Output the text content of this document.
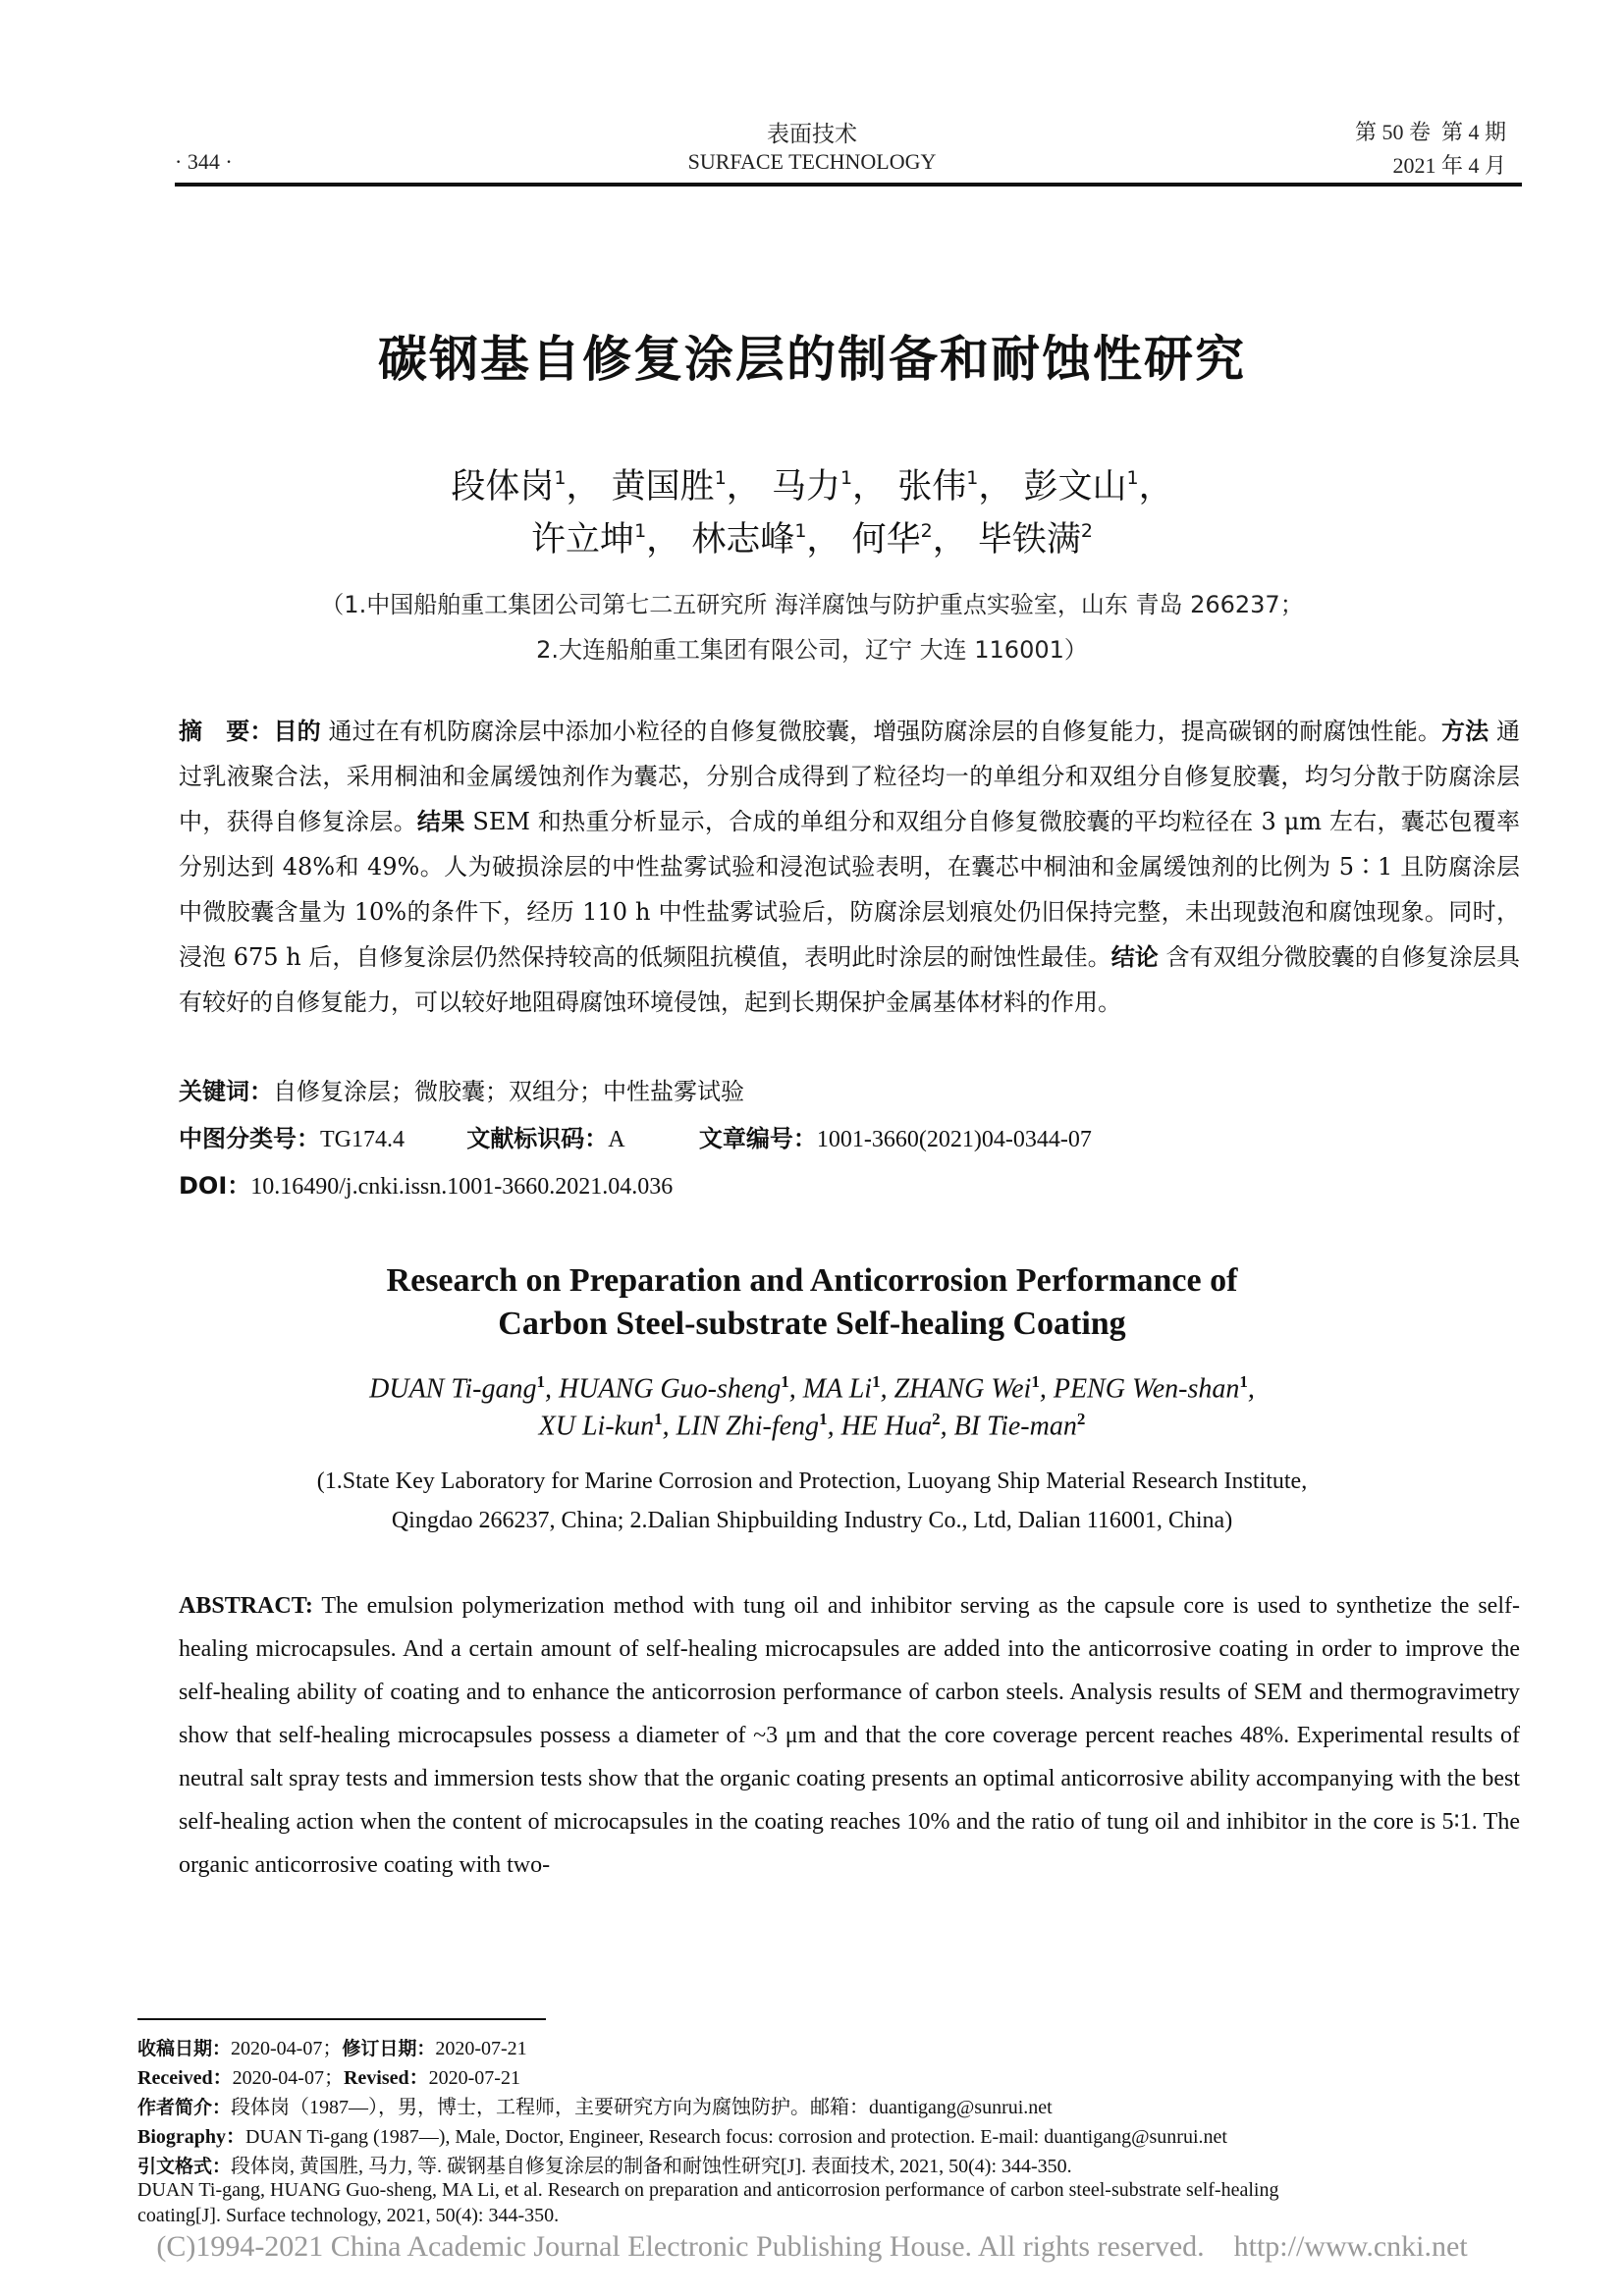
· 344 ·
表面技术
SURFACE TECHNOLOGY
第 50 卷  第 4 期
2021 年 4 月
碳钢基自修复涂层的制备和耐蚀性研究
段体岗$^1$， 黄国胜$^1$， 马力$^1$， 张伟$^1$， 彭文山$^1$，
许立坤$^1$， 林志峰$^1$， 何华$^2$， 毕铁满$^2$
（1.中国船舶重工集团公司第七二五研究所 海洋腐蚀与防护重点实验室，山东 青岛 266237；
2.大连船舶重工集团有限公司，辽宁 大连 116001）
摘　要：目的 通过在有机防腐涂层中添加小粒径的自修复微胶囊，增强防腐涂层的自修复能力，提高碳钢的耐腐蚀性能。方法 通过乳液聚合法，采用桐油和金属缓蚀剂作为囊芯，分别合成得到了粒径均一的单组分和双组分自修复胶囊，均匀分散于防腐涂层中，获得自修复涂层。结果 SEM 和热重分析显示，合成的单组分和双组分自修复微胶囊的平均粒径在 3 μm 左右，囊芯包覆率分别达到 48%和 49%。人为破损涂层的中性盐雾试验和浸泡试验表明，在囊芯中桐油和金属缓蚀剂的比例为 5∶1 且防腐涂层中微胶囊含量为 10%的条件下，经历 110 h 中性盐雾试验后，防腐涂层划痕处仍旧保持完整，未出现鼓泡和腐蚀现象。同时，浸泡 675 h 后，自修复涂层仍然保持较高的低频阻抗模值，表明此时涂层的耐蚀性最佳。结论 含有双组分微胶囊的自修复涂层具有较好的自修复能力，可以较好地阻碍腐蚀环境侵蚀，起到长期保护金属基体材料的作用。
关键词：自修复涂层；微胶囊；双组分；中性盐雾试验
中图分类号：TG174.4	文献标识码：A	文章编号：1001-3660(2021)04-0344-07
DOI：10.16490/j.cnki.issn.1001-3660.2021.04.036
Research on Preparation and Anticorrosion Performance of
Carbon Steel-substrate Self-healing Coating
DUAN Ti-gang$^1$, HUANG Guo-sheng$^1$, MA Li$^1$, ZHANG Wei$^1$, PENG Wen-shan$^1$,
XU Li-kun$^1$, LIN Zhi-feng$^1$, HE Hua$^2$, BI Tie-man$^2$
(1.State Key Laboratory for Marine Corrosion and Protection, Luoyang Ship Material Research Institute,
Qingdao 266237, China; 2.Dalian Shipbuilding Industry Co., Ltd, Dalian 116001, China)
ABSTRACT: The emulsion polymerization method with tung oil and inhibitor serving as the capsule core is used to synthetize the self-healing microcapsules. And a certain amount of self-healing microcapsules are added into the anticorrosive coating in order to improve the self-healing ability of coating and to enhance the anticorrosion performance of carbon steels. Analysis results of SEM and thermogravimetry show that self-healing microcapsules possess a diameter of ~3 μm and that the core coverage percent reaches 48%. Experimental results of neutral salt spray tests and immersion tests show that the organic coating presents an optimal anticorrosive ability accompanying with the best self-healing action when the content of microcapsules in the coating reaches 10% and the ratio of tung oil and inhibitor in the core is 5∶1. The organic anticorrosive coating with two-
收稿日期：2020-04-07；修订日期：2020-07-21
Received：2020-04-07；Revised：2020-07-21
作者简介：段体岗（1987—），男，博士，工程师，主要研究方向为腐蚀防护。邮箱：duantigang@sunrui.net
Biography：DUAN Ti-gang (1987—), Male, Doctor, Engineer, Research focus: corrosion and protection. E-mail: duantigang@sunrui.net
引文格式：段体岗, 黄国胜, 马力, 等. 碳钢基自修复涂层的制备和耐蚀性研究[J]. 表面技术, 2021, 50(4): 344-350.
DUAN Ti-gang, HUANG Guo-sheng, MA Li, et al. Research on preparation and anticorrosion performance of carbon steel-substrate self-healing
coating[J]. Surface technology, 2021, 50(4): 344-350.
(C)1994-2021 China Academic Journal Electronic Publishing House. All rights reserved.    http://www.cnki.net
